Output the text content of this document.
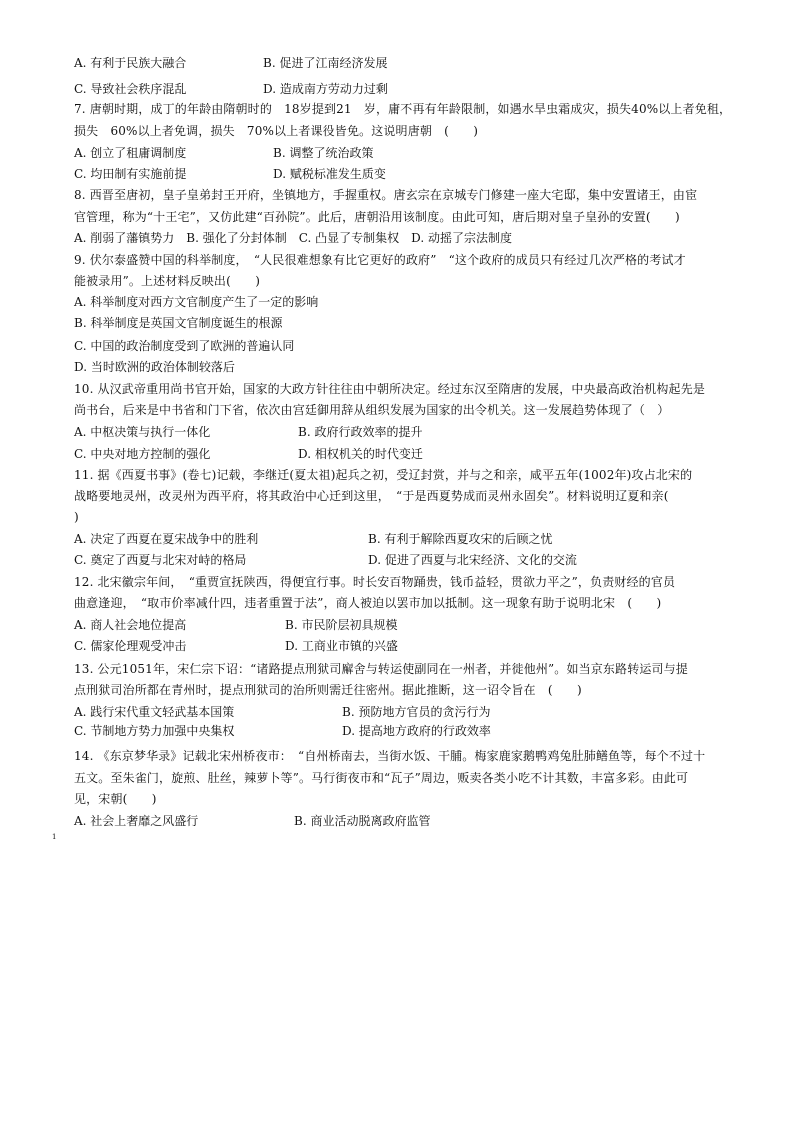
A. 有利于民族大融合	B. 促进了江南经济发展
C. 导致社会秩序混乱	D. 造成南方劳动力过剩
7. 唐朝时期，成丁的年龄由隋朝时的　18岁提到21　岁，庸不再有年龄限制，如遇水旱虫霜成灾，损失40%以上者免租，
损失　60%以上者免调，损失　70%以上者课役皆免。这说明唐朝　(　　)
A. 创立了租庸调制度	B. 调整了统治政策
C. 均田制有实施前提	D. 赋税标准发生质变
8. 西晋至唐初，皇子皇弟封王开府，坐镇地方，手握重权。唐玄宗在京城专门修建一座大宅邸，集中安置诸王，由宦
官管理，称为“十王宅”，又仿此建“百孙院”。此后，唐朝沿用该制度。由此可知，唐后期对皇子皇孙的安置(　　)
A. 削弱了藩镇势力　B. 强化了分封体制　C. 凸显了专制集权　D. 动摇了宗法制度
9. 伏尔泰盛赞中国的科举制度，　“人民很难想象有比它更好的政府”　“这个政府的成员只有经过几次严格的考试才
能被录用”。上述材料反映出(　　)
A. 科举制度对西方文官制度产生了一定的影响
B. 科举制度是英国文官制度诞生的根源
C. 中国的政治制度受到了欧洲的普遍认同
D. 当时欧洲的政治体制较落后
10. 从汉武帝重用尚书官开始，国家的大政方针往往由中朝所决定。经过东汉至隋唐的发展，中央最高政治机构起先是
尚书台，后来是中书省和门下省，依次由宫廷御用辞从组织发展为国家的出令机关。这一发展趋势体现了（　）
A. 中枢决策与执行一体化	B. 政府行政效率的提升
C. 中央对地方控制的强化	D. 相权机关的时代变迁
11. 据《西夏书事》(卷七)记载，李继迁(夏太祖)起兵之初，受辽封赏，并与之和亲，咸平五年(1002年)攻占北宋的
战略要地灵州，改灵州为西平府，将其政治中心迁到这里，　“于是西夏势成而灵州永固矣”。材料说明辽夏和亲(
)
A. 决定了西夏在夏宋战争中的胜利	B. 有利于解除西夏攻宋的后顾之忧
C. 奠定了西夏与北宋对峙的格局	D. 促进了西夏与北宋经济、文化的交流
12. 北宋徽宗年间，　“重贾宣抚陕西，得便宜行事。时长安百物踊贵，钱币益轻，贯欲力平之”，负责财经的官员
曲意逢迎，　“取市价率减什四，违者重置于法”，商人被迫以罢市加以抵制。这一现象有助于说明北宋　(　　)
A. 商人社会地位提高	B. 市民阶层初具规模
C. 儒家伦理观受冲击	D. 工商业市镇的兴盛
13. 公元1051年，宋仁宗下诏：“诸路提点刑狱司廨舍与转运使副同在一州者，并徙他州”。如当京东路转运司与提
点刑狱司治所都在青州时，提点刑狱司的治所则需迁往密州。据此推断，这一诏令旨在　(　　)
A. 践行宋代重文轻武基本国策	B. 预防地方官员的贪污行为
C. 节制地方势力加强中央集权	D. 提高地方政府的行政效率
14. 《东京梦华录》记载北宋州桥夜市：　“自州桥南去，当街水饭、干脯。梅家鹿家鹅鸭鸡兔肚肺鳝鱼等，每个不过十
五文。至朱雀门，旋煎、肚丝，辣萝卜等”。马行街夜市和“瓦子”周边，贩卖各类小吃不计其数，丰富多彩。由此可
见，宋朝(　　)
A. 社会上奢靡之风盛行	B. 商业活动脱离政府监管
1
